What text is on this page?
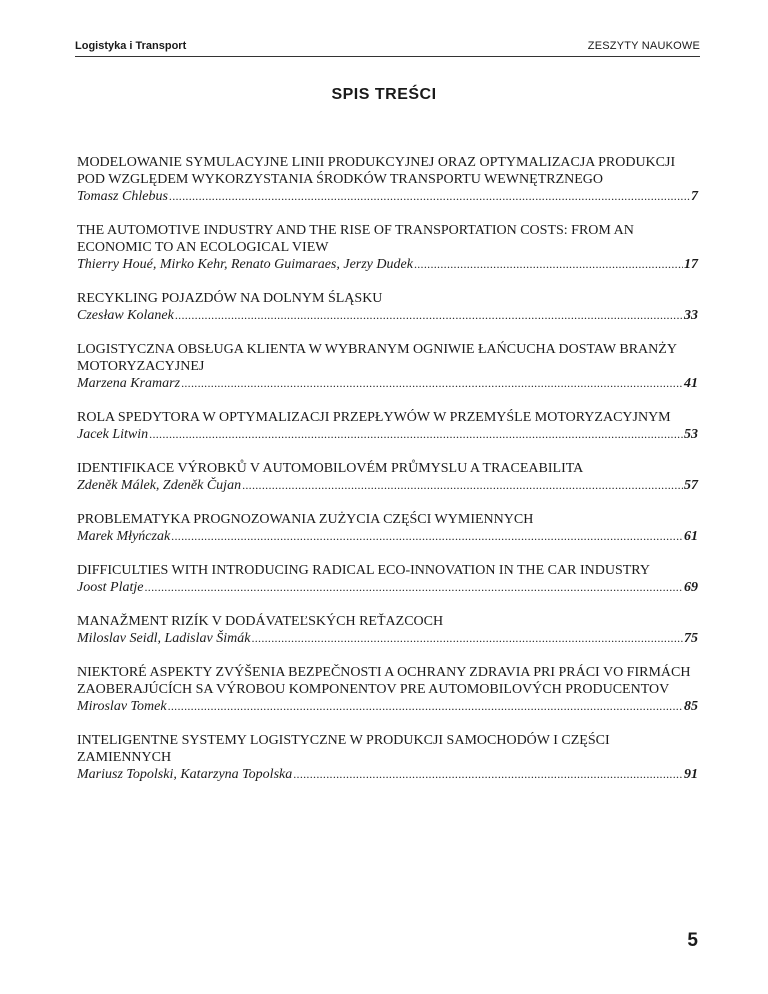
Logistyka i Transport	ZESZYTY NAUKOWE
SPIS TREŚCI
MODELOWANIE SYMULACYJNE LINII PRODUKCYJNEJ ORAZ OPTYMALIZACJA PRODUKCJI POD WZGLĘDEM WYKORZYSTANIA ŚRODKÓW TRANSPORTU WEWNĘTRZNEGO
Tomasz Chlebus .....	7
THE AUTOMOTIVE INDUSTRY AND THE RISE OF TRANSPORTATION COSTS: FROM AN ECONOMIC TO AN ECOLOGICAL VIEW
Thierry Houé, Mirko Kehr, Renato Guimaraes, Jerzy Dudek .....	17
RECYKLING POJAZDÓW NA DOLNYM ŚLĄSKU
Czesław Kolanek .....	33
LOGISTYCZNA OBSŁUGA KLIENTA W WYBRANYM OGNIWIE ŁAŃCUCHA DOSTAW BRANŻY MOTORYZACYJNEJ
Marzena Kramarz .....	41
ROLA SPEDYTORA W OPTYMALIZACJI PRZEPŁYWÓW W PRZEMYŚLE MOTORYZACYJNYM
Jacek Litwin .....	53
IDENTIFIKACE VÝROBKŮ V AUTOMOBILOVÉM PRŮMYSLU A TRACEABILITA
Zdeněk Málek, Zdeněk Čujan .....	57
PROBLEMATYKA PROGNOZOWANIA ZUŻYCIA CZĘŚCI WYMIENNYCH
Marek Młyńczak .....	61
DIFFICULTIES WITH INTRODUCING RADICAL ECO-INNOVATION IN THE CAR INDUSTRY
Joost Platje .....	69
MANAŽMENT RIZÍK V DODÁVATEĽSKÝCH REŤAZCOCH
Miloslav Seidl, Ladislav Šimák .....	75
NIEKTORÉ ASPEKTY ZVÝŠENIA BEZPEČNOSTI A OCHRANY ZDRAVIA PRI PRÁCI VO FIRMÁCH ZAOBERAJÚCÍCH SA VÝROBOU KOMPONENTOV PRE AUTOMOBILOVÝCH PRODUCENTOV
Miroslav Tomek .....	85
INTELIGENTNE SYSTEMY LOGISTYCZNE W PRODUKCJI SAMOCHODÓW I CZĘŚCI ZAMIENNYCH
Mariusz Topolski, Katarzyna Topolska .....	91
5
